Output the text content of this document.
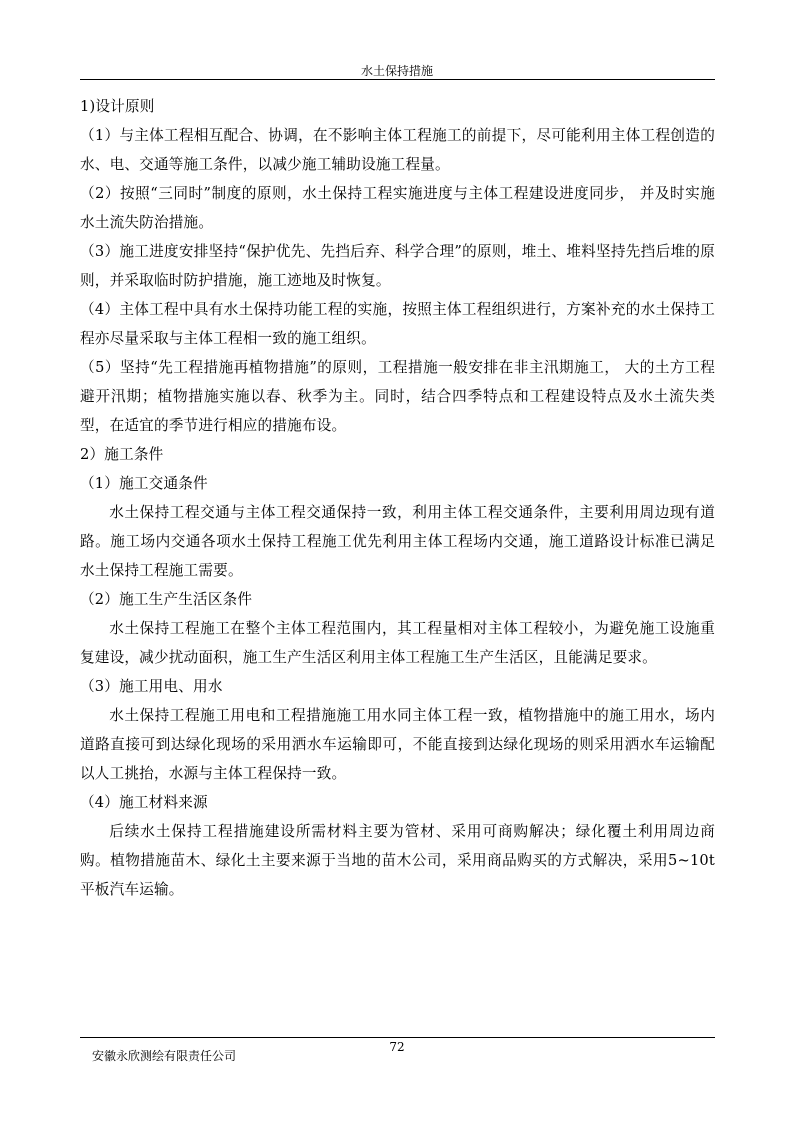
水土保持措施

1)设计原则

（1）与主体工程相互配合、协调，在不影响主体工程施工的前提下，尽可能利用主体工程创造的水、电、交通等施工条件，以减少施工辅助设施工程量。

（2）按照“三同时”制度的原则，水土保持工程实施进度与主体工程建设进度同步， 并及时实施水土流失防治措施。

（3）施工进度安排坚持“保护优先、先挡后弃、科学合理”的原则，堆土、堆料坚持先挡后堆的原则，并采取临时防护措施，施工迹地及时恢复。

（4）主体工程中具有水土保持功能工程的实施，按照主体工程组织进行，方案补充的水土保持工程亦尽量采取与主体工程相一致的施工组织。

（5）坚持“先工程措施再植物措施”的原则，工程措施一般安排在非主汛期施工， 大的土方工程避开汛期；植物措施实施以春、秋季为主。同时，结合四季特点和工程建设特点及水土流失类型，在适宜的季节进行相应的措施布设。

2）施工条件

（1）施工交通条件

水土保持工程交通与主体工程交通保持一致，利用主体工程交通条件，主要利用周边现有道路。施工场内交通各项水土保持工程施工优先利用主体工程场内交通，施工道路设计标准已满足水土保持工程施工需要。

（2）施工生产生活区条件

水土保持工程施工在整个主体工程范围内，其工程量相对主体工程较小，为避免施工设施重复建设，减少扰动面积，施工生产生活区利用主体工程施工生产生活区，且能满足要求。

（3）施工用电、用水

水土保持工程施工用电和工程措施施工用水同主体工程一致，植物措施中的施工用水，场内道路直接可到达绿化现场的采用洒水车运输即可，不能直接到达绿化现场的则采用洒水车运输配以人工挑抬，水源与主体工程保持一致。

（4）施工材料来源

后续水土保持工程措施建设所需材料主要为管材、采用可商购解决；绿化覆土利用周边商购。植物措施苗木、绿化土主要来源于当地的苗木公司，采用商品购买的方式解决，采用5~10t 平板汽车运输。

72
安徽永欣测绘有限责任公司
